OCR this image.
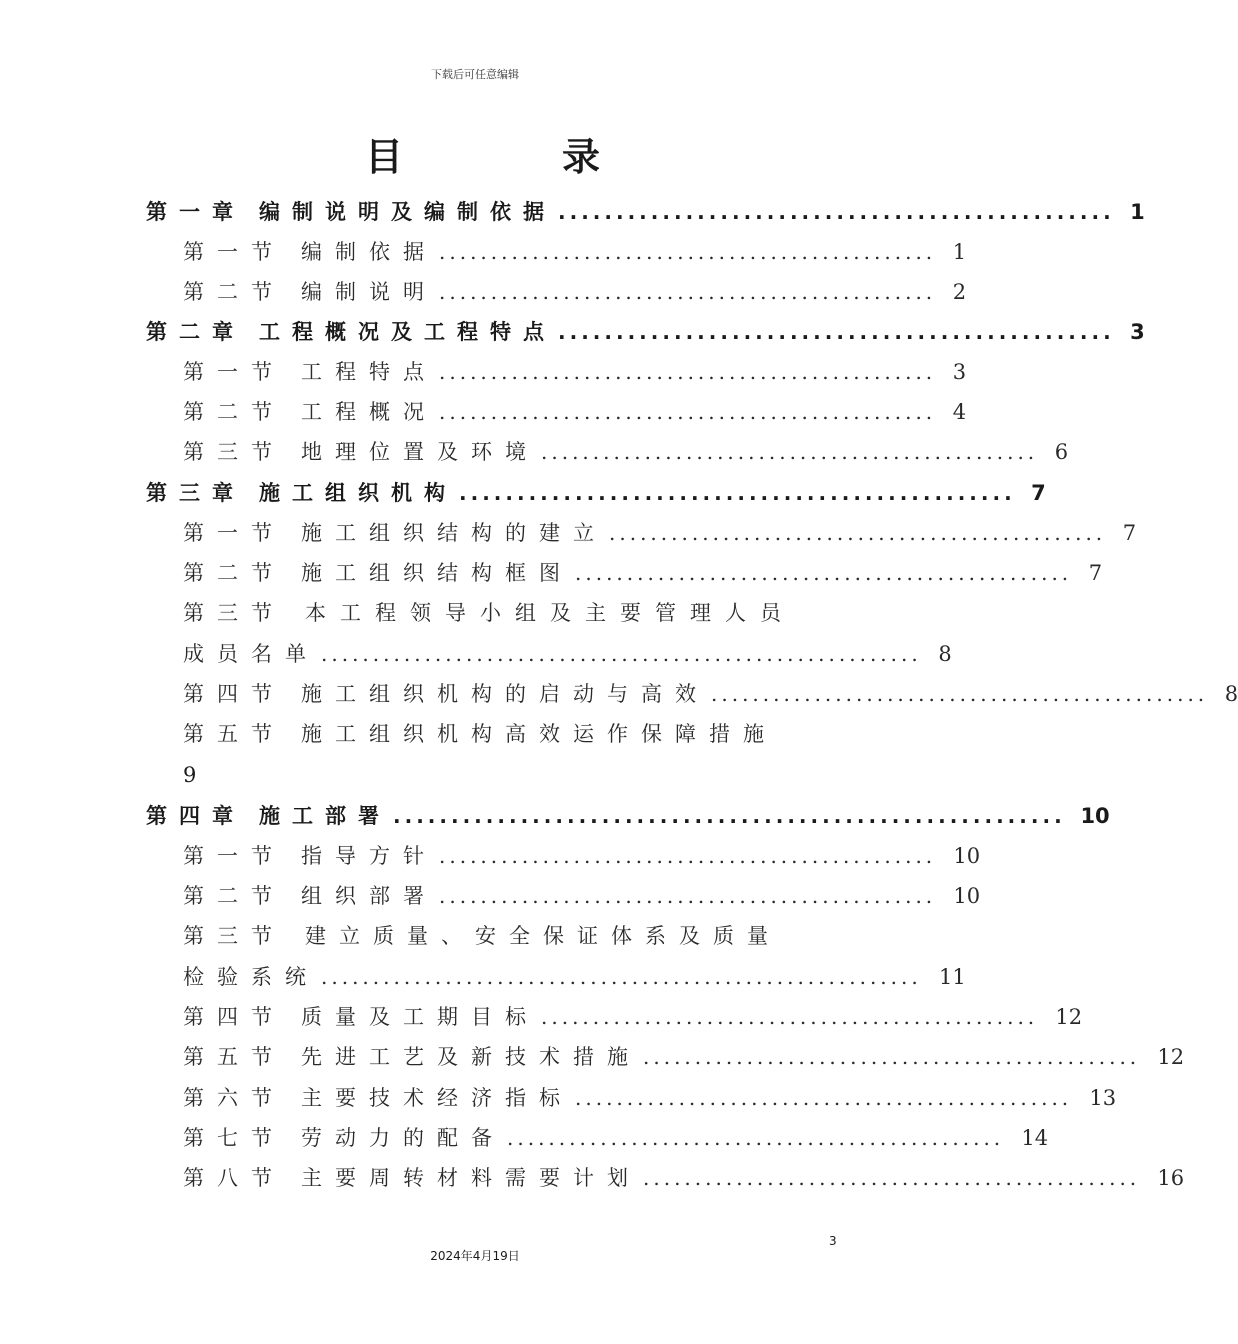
下载后可任意编辑
目	录
第一章 编制说明及编制依据 ................................................ 1
第一节 编制依据 ................................................ 1
第二节 编制说明 ................................................ 2
第二章 工程概况及工程特点 ................................................ 3
第一节 工程特点 ................................................ 3
第二节 工程概况 ................................................ 4
第三节 地理位置及环境 ................................................ 6
第三章 施工组织机构 ................................................ 7
第一节 施工组织结构的建立 ................................................ 7
第二节 施工组织结构框图 ................................................ 7
第三节 本工程领导小组及主要管理人员
成员名单 .......................................................... 8
第四节 施工组织机构的启动与高效 ................................................ 8
第五节 施工组织机构高效运作保障措施
9
第四章 施工部署 .......................................................... 10
第一节 指导方针 ................................................ 10
第二节 组织部署 ................................................ 10
第三节 建立质量、安全保证体系及质量
检验系统 .......................................................... 11
第四节 质量及工期目标 ................................................ 12
第五节 先进工艺及新技术措施 ................................................ 12
第六节 主要技术经济指标 ................................................ 13
第七节 劳动力的配备 ................................................ 14
第八节 主要周转材料需要计划 ................................................ 16
3
2024年4月19日
